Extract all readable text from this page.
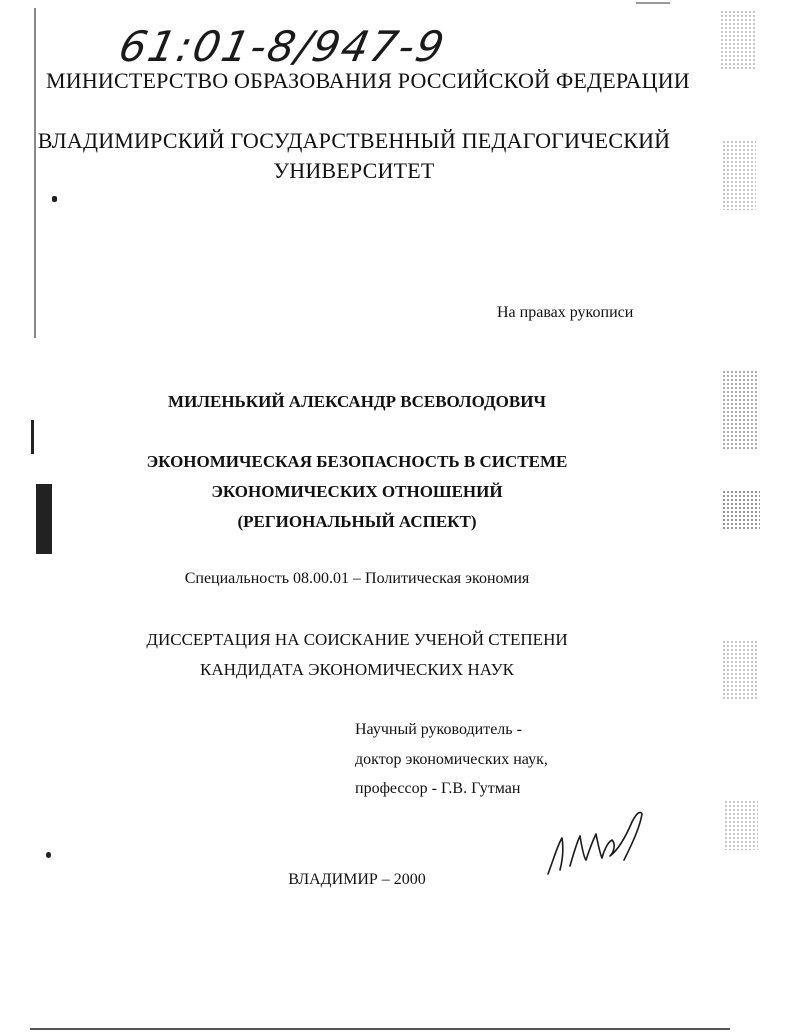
61:01-8/947-9
МИНИСТЕРСТВО ОБРАЗОВАНИЯ РОССИЙСКОЙ ФЕДЕРАЦИИ
ВЛАДИМИРСКИЙ ГОСУДАРСТВЕННЫЙ ПЕДАГОГИЧЕСКИЙ
УНИВЕРСИТЕТ
На правах рукописи
МИЛЕНЬКИЙ АЛЕКСАНДР ВСЕВОЛОДОВИЧ
ЭКОНОМИЧЕСКАЯ БЕЗОПАСНОСТЬ В СИСТЕМЕ
ЭКОНОМИЧЕСКИХ ОТНОШЕНИЙ
(РЕГИОНАЛЬНЫЙ АСПЕКТ)
Специальность 08.00.01 – Политическая экономия
ДИССЕРТАЦИЯ НА СОИСКАНИЕ УЧЕНОЙ СТЕПЕНИ
КАНДИДАТА ЭКОНОМИЧЕСКИХ НАУК
Научный руководитель -
доктор экономических наук,
профессор - Г.В. Гутман
ВЛАДИМИР – 2000
